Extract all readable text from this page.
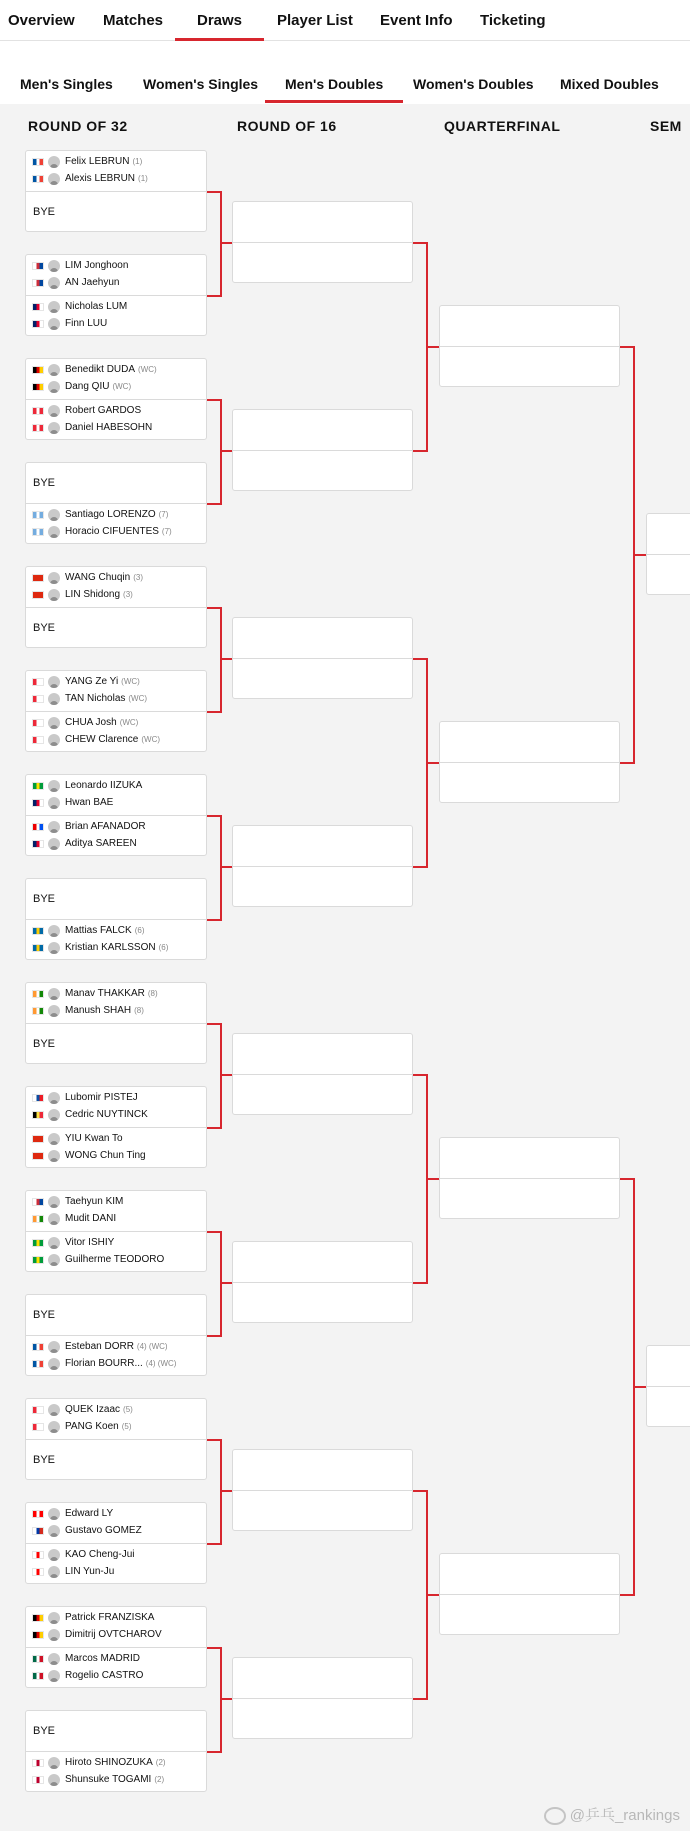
Overview Matches Draws Player List Event Info Ticketing
Men's Singles Women's Singles Men's Doubles Women's Doubles Mixed Doubles
ROUND OF 32	ROUND OF 16	QUARTERFINAL	SEM
Felix LEBRUN (1)
Alexis LEBRUN (1)
BYE
LIM Jonghoon
AN Jaehyun
Nicholas LUM
Finn LUU
Benedikt DUDA (WC)
Dang QIU (WC)
Robert GARDOS
Daniel HABESOHN
BYE
Santiago LORENZO (7)
Horacio CIFUENTES (7)
WANG Chuqin (3)
LIN Shidong (3)
BYE
YANG Ze Yi (WC)
TAN Nicholas (WC)
CHUA Josh (WC)
CHEW Clarence (WC)
Leonardo IIZUKA
Hwan BAE
Brian AFANADOR
Aditya SAREEN
BYE
Mattias FALCK (6)
Kristian KARLSSON (6)
Manav THAKKAR (8)
Manush SHAH (8)
BYE
Lubomir PISTEJ
Cedric NUYTINCK
YIU Kwan To
WONG Chun Ting
Taehyun KIM
Mudit DANI
Vitor ISHIY
Guilherme TEODORO
BYE
Esteban DORR (4) (WC)
Florian BOURR... (4) (WC)
QUEK Izaac (5)
PANG Koen (5)
BYE
Edward LY
Gustavo GOMEZ
KAO Cheng-Jui
LIN Yun-Ju
Patrick FRANZISKA
Dimitrij OVTCHAROV
Marcos MADRID
Rogelio CASTRO
BYE
Hiroto SHINOZUKA (2)
Shunsuke TOGAMI (2)
@乒乓_rankings
